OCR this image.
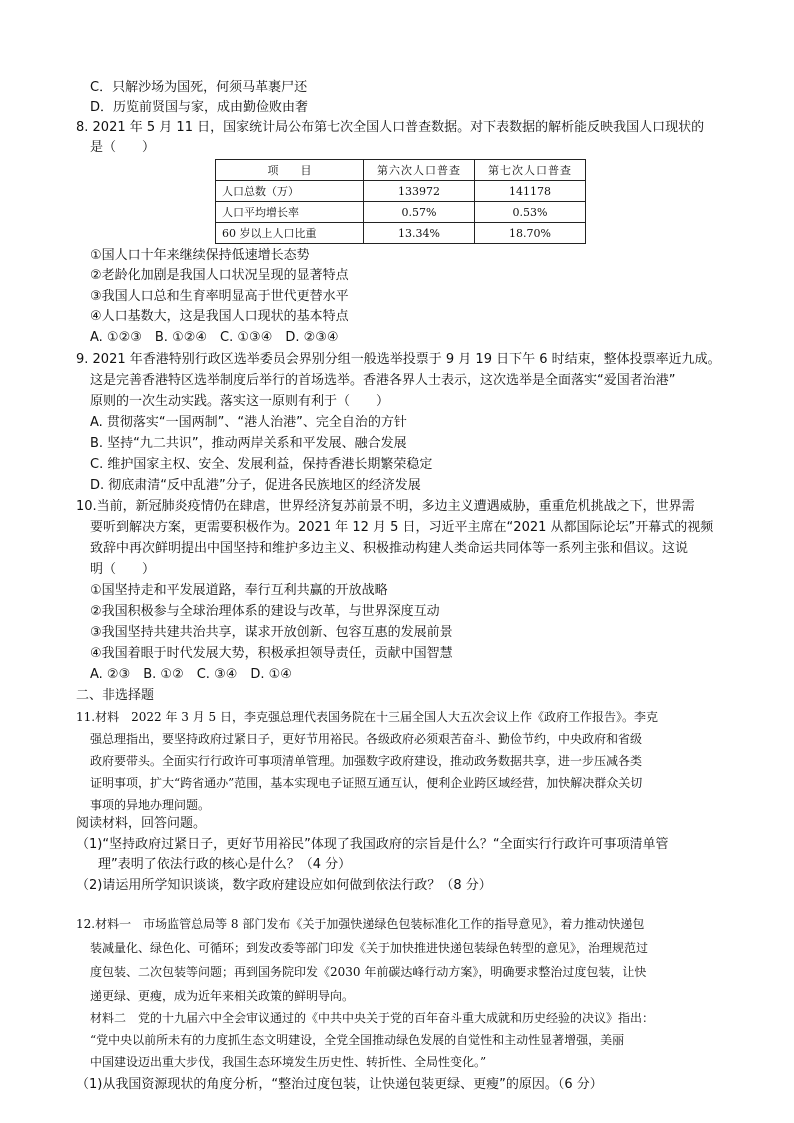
C．只解沙场为国死，何须马革裹尸还
D．历览前贤国与家，成由勤俭败由奢
8. 2021 年 5 月 11 日，国家统计局公布第七次全国人口普查数据。对下表数据的解析能反映我国人口现状的
是（　　）
项　　目	第六次人口普查	第七次人口普查
人口总数（万）	133972	141178
人口平均增长率	0.57%	0.53%
60 岁以上人口比重	13.34%	18.70%
①国人口十年来继续保持低速增长态势
②老龄化加剧是我国人口状况呈现的显著特点
③我国人口总和生育率明显高于世代更替水平
④人口基数大，这是我国人口现状的基本特点
A. ①②③　B. ①②④　C. ①③④　D. ②③④
9. 2021 年香港特别行政区选举委员会界别分组一般选举投票于 9 月 19 日下午 6 时结束，整体投票率近九成。
这是完善香港特区选举制度后举行的首场选举。香港各界人士表示，这次选举是全面落实“爱国者治港”
原则的一次生动实践。落实这一原则有利于（　　）
A. 贯彻落实“一国两制”、“港人治港”、完全自治的方针
B. 坚持“九二共识”，推动两岸关系和平发展、融合发展
C. 维护国家主权、安全、发展利益，保持香港长期繁荣稳定
D. 彻底肃清“反中乱港”分子，促进各民族地区的经济发展
10.当前，新冠肺炎疫情仍在肆虐，世界经济复苏前景不明，多边主义遭遇威胁，重重危机挑战之下，世界需
要听到解决方案，更需要积极作为。2021 年 12 月 5 日，习近平主席在“2021 从都国际论坛”开幕式的视频
致辞中再次鲜明提出中国坚持和维护多边主义、积极推动构建人类命运共同体等一系列主张和倡议。这说
明（　　）
①国坚持走和平发展道路，奉行互利共赢的开放战略
②我国积极参与全球治理体系的建设与改革，与世界深度互动
③我国坚持共建共治共享，谋求开放创新、包容互惠的发展前景
④我国着眼于时代发展大势，积极承担领导责任，贡献中国智慧
A. ②③　B. ①②　C. ③④　D. ①④
二、非选择题
11.材料　2022 年 3 月 5 日，李克强总理代表国务院在十三届全国人大五次会议上作《政府工作报告》。李克
强总理指出，要坚持政府过紧日子，更好节用裕民。各级政府必须艰苦奋斗、勤俭节约，中央政府和省级
政府要带头。全面实行行政许可事项清单管理。加强数字政府建设，推动政务数据共享，进一步压减各类
证明事项，扩大“跨省通办”范围，基本实现电子证照互通互认，便利企业跨区域经营，加快解决群众关切
事项的异地办理问题。
阅读材料，回答问题。
（1)“坚持政府过紧日子，更好节用裕民”体现了我国政府的宗旨是什么？“全面实行行政许可事项清单管
理”表明了依法行政的核心是什么？（4 分）
（2)请运用所学知识谈谈，数字政府建设应如何做到依法行政？（8 分）
12.材料一　市场监管总局等 8 部门发布《关于加强快递绿色包装标准化工作的指导意见》，着力推动快递包
装减量化、绿色化、可循环；到发改委等部门印发《关于加快推进快递包装绿色转型的意见》，治理规范过
度包装、二次包装等问题；再到国务院印发《2030 年前碳达峰行动方案》，明确要求整治过度包装，让快
递更绿、更瘦，成为近年来相关政策的鲜明导向。
材料二　党的十九届六中全会审议通过的《中共中央关于党的百年奋斗重大成就和历史经验的决议》指出：
“党中央以前所未有的力度抓生态文明建设，全党全国推动绿色发展的自觉性和主动性显著增强，美丽
中国建设迈出重大步伐，我国生态环境发生历史性、转折性、全局性变化。”
（1)从我国资源现状的角度分析，“整治过度包装，让快递包装更绿、更瘦”的原因。（6 分）
